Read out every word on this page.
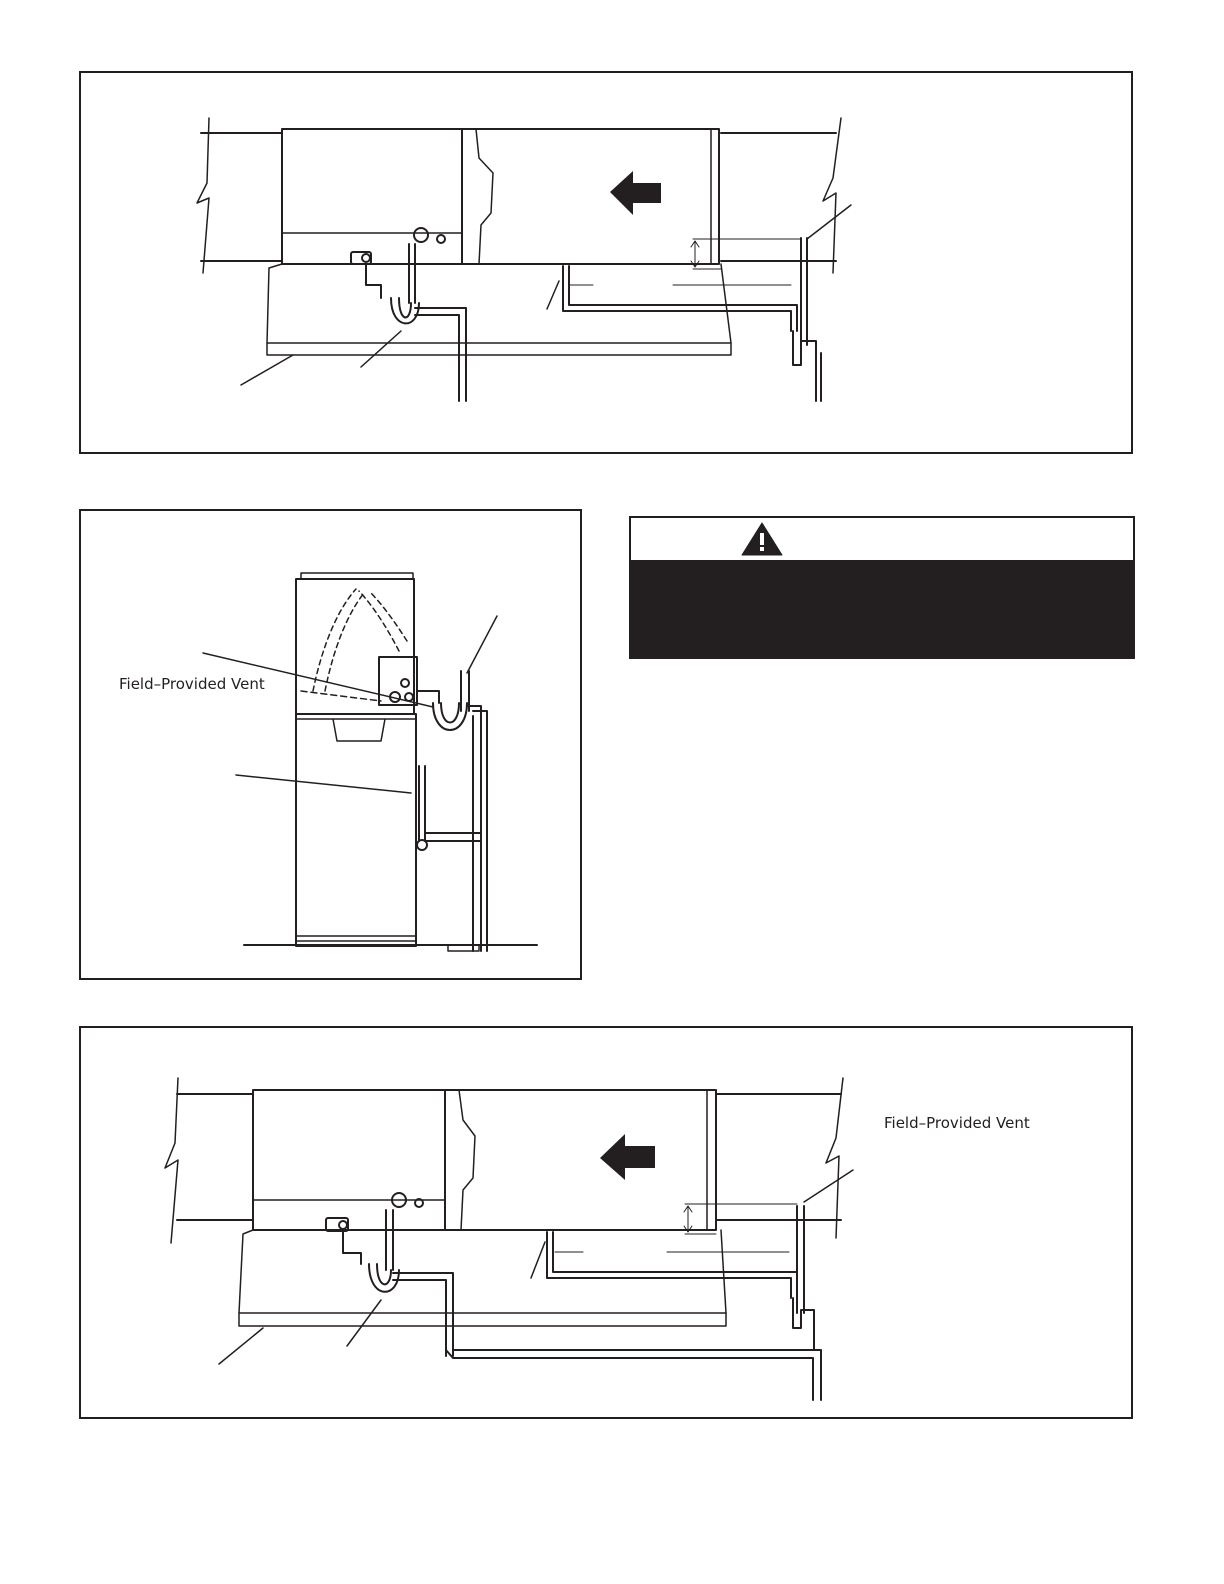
Field–Provided Vent
Field–Provided Vent
